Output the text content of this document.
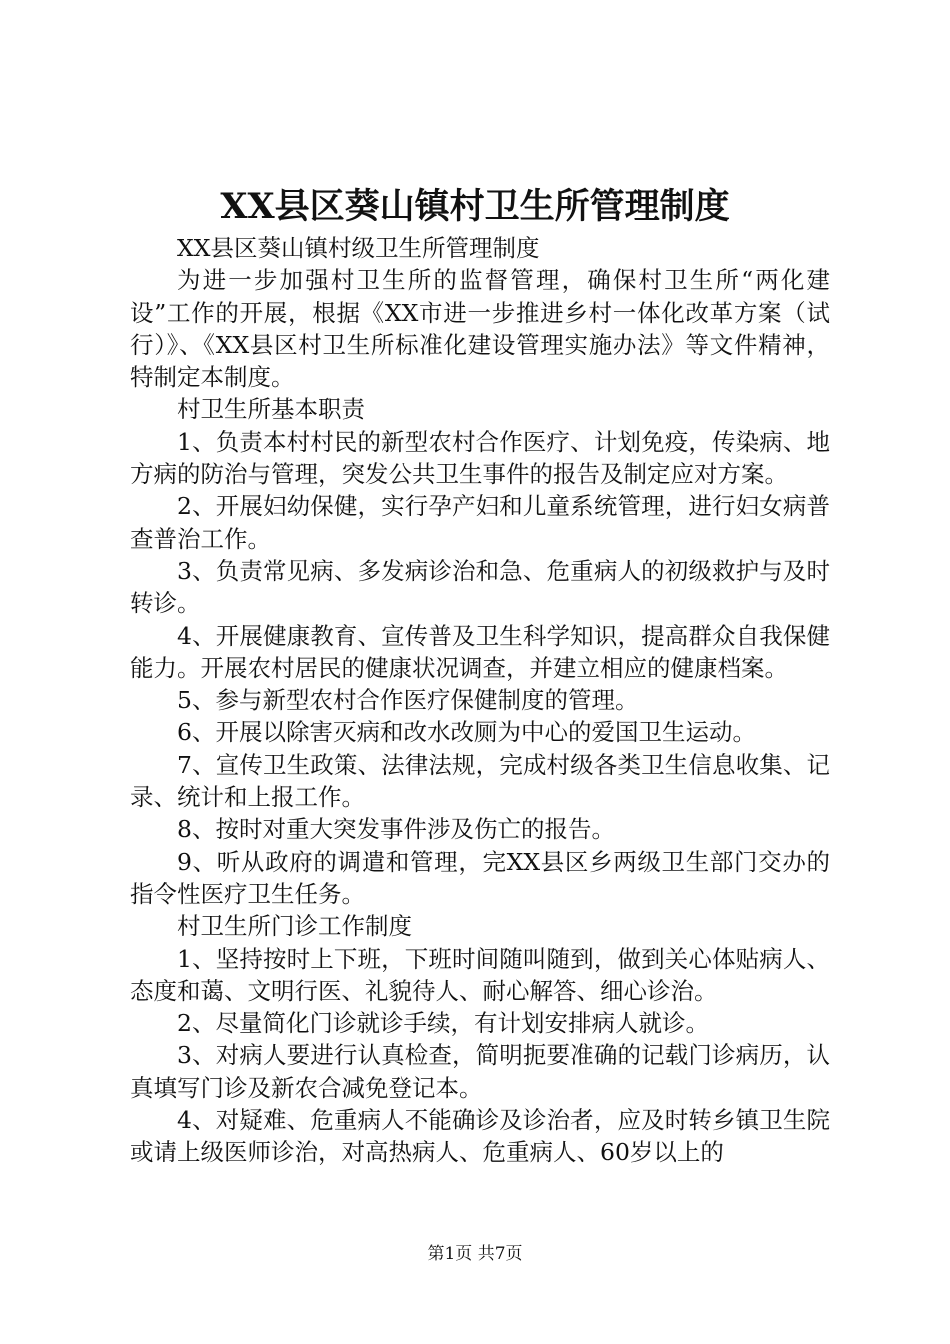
XX县区葵山镇村卫生所管理制度

XX县区葵山镇村级卫生所管理制度

为进一步加强村卫生所的监督管理，确保村卫生所“两化建设”工作的开展，根据《XX市进一步推进乡村一体化改革方案（试行）》、《XX县区村卫生所标准化建设管理实施办法》等文件精神，特制定本制度。

村卫生所基本职责

1、负责本村村民的新型农村合作医疗、计划免疫，传染病、地方病的防治与管理，突发公共卫生事件的报告及制定应对方案。

2、开展妇幼保健，实行孕产妇和儿童系统管理，进行妇女病普查普治工作。

3、负责常见病、多发病诊治和急、危重病人的初级救护与及时转诊。

4、开展健康教育、宣传普及卫生科学知识，提高群众自我保健能力。开展农村居民的健康状况调查，并建立相应的健康档案。

5、参与新型农村合作医疗保健制度的管理。

6、开展以除害灭病和改水改厕为中心的爱国卫生运动。

7、宣传卫生政策、法律法规，完成村级各类卫生信息收集、记录、统计和上报工作。

8、按时对重大突发事件涉及伤亡的报告。

9、听从政府的调遣和管理，完XX县区乡两级卫生部门交办的指令性医疗卫生任务。

村卫生所门诊工作制度

1、坚持按时上下班，下班时间随叫随到，做到关心体贴病人、态度和蔼、文明行医、礼貌待人、耐心解答、细心诊治。

2、尽量简化门诊就诊手续，有计划安排病人就诊。

3、对病人要进行认真检查，简明扼要准确的记载门诊病历，认真填写门诊及新农合减免登记本。

4、对疑难、危重病人不能确诊及诊治者，应及时转乡镇卫生院或请上级医师诊治，对高热病人、危重病人、60岁以上的

第1页 共7页
